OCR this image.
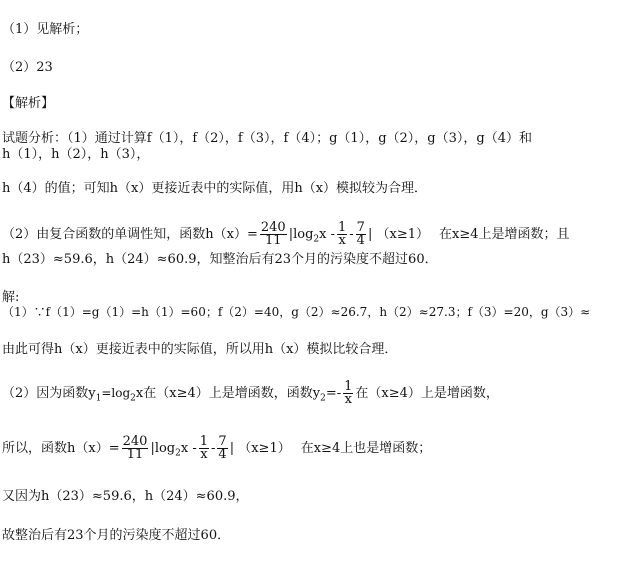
（1）见解析；
（2）23
【解析】
试题分析：（1）通过计算f（1），f（2），f（3），f（4）；g（1），g（2），g（3），g（4）和
h（1），h（2），h（3），
h（4）的值；可知h（x）更接近表中的实际值，用h（x）模拟较为合理．
（2）由复合函数的单调性知，函数$h(x)= \frac{240}{11} |\log_2x - \frac{1}{x} - \frac{7}{4}$ | （x≥1） 在x≥4上是增函数；且
h（23）≈59.6，h（24）≈60.9，知整治后有23个月的污染度不超过60．
解:
（1）∵f（1）=g（1）=h（1）=60；f（2）=40，g（2）≈26.7，h（2）≈27.3；f（3）=20，g（3）≈
由此可得h（x）更接近表中的实际值，所以用h（x）模拟比较合理．
（2）因为函数$y_1=\log_2x$在（x≥4）上是增函数，函数$y_2=- \frac{1}{x}$ 在（x≥4）上是增函数，
所以，函数$h(x)= \frac{240}{11} |\log_2x - \frac{1}{x} - \frac{7}{4}$ | （x≥1） 在x≥4上也是增函数；
又因为h（23）≈59.6，h（24）≈60.9，
故整治后有23个月的污染度不超过60．
